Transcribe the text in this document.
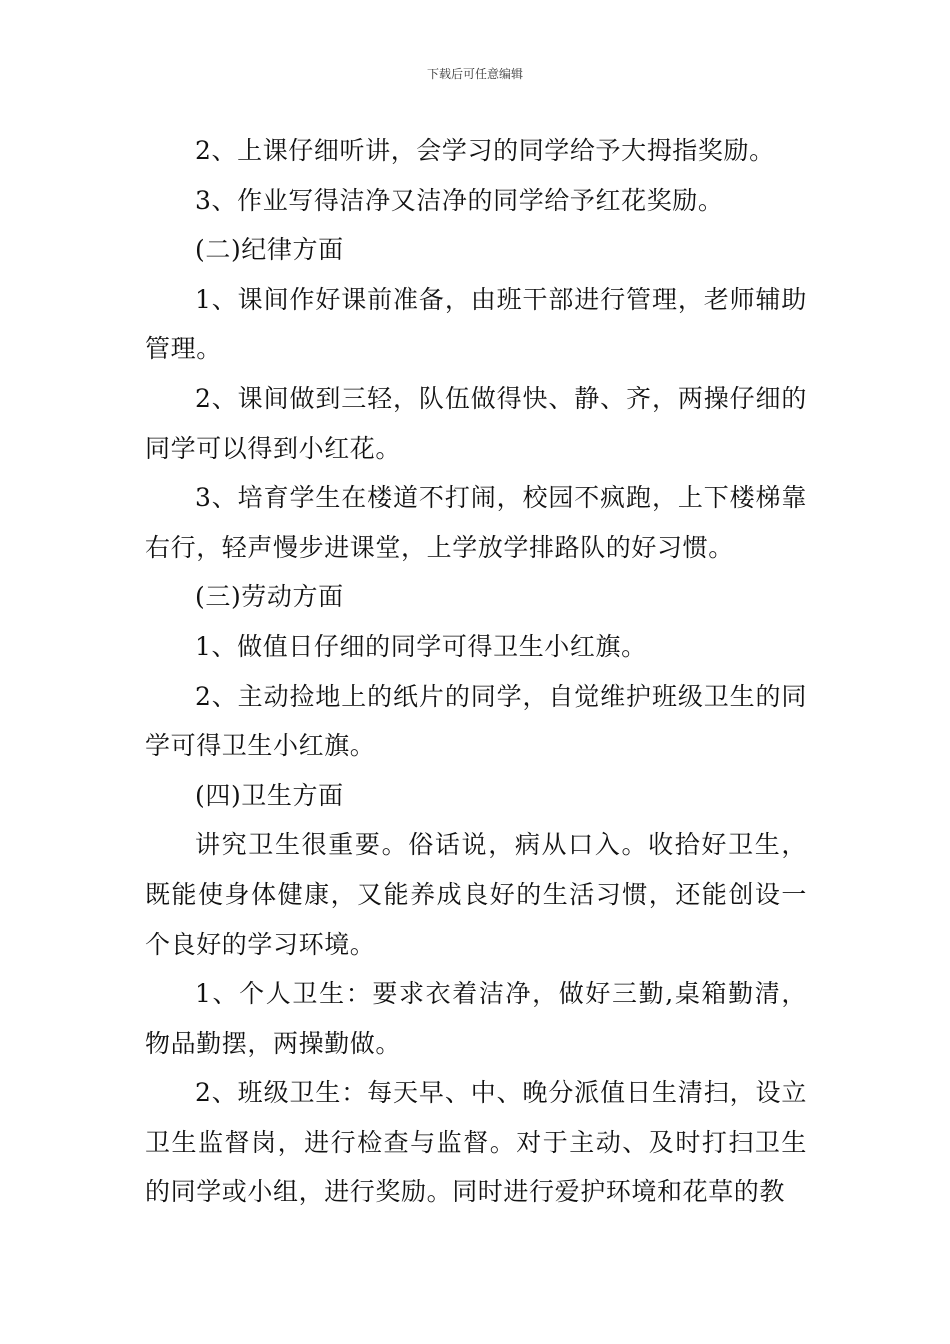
下载后可任意编辑

2、上课仔细听讲，会学习的同学给予大拇指奖励。

3、作业写得洁净又洁净的同学给予红花奖励。

(二)纪律方面

1、课间作好课前准备，由班干部进行管理，老师辅助管理。

2、课间做到三轻，队伍做得快、静、齐，两操仔细的同学可以得到小红花。

3、培育学生在楼道不打闹，校园不疯跑，上下楼梯靠右行，轻声慢步进课堂，上学放学排路队的好习惯。

(三)劳动方面

1、做值日仔细的同学可得卫生小红旗。

2、主动捡地上的纸片的同学，自觉维护班级卫生的同学可得卫生小红旗。

(四)卫生方面

讲究卫生很重要。俗话说，病从口入。收拾好卫生，既能使身体健康，又能养成良好的生活习惯，还能创设一个良好的学习环境。

1、个人卫生：要求衣着洁净，做好三勤,桌箱勤清，物品勤摆，两操勤做。

2、班级卫生：每天早、中、晚分派值日生清扫，设立卫生监督岗，进行检查与监督。对于主动、及时打扫卫生的同学或小组，进行奖励。同时进行爱护环境和花草的教
